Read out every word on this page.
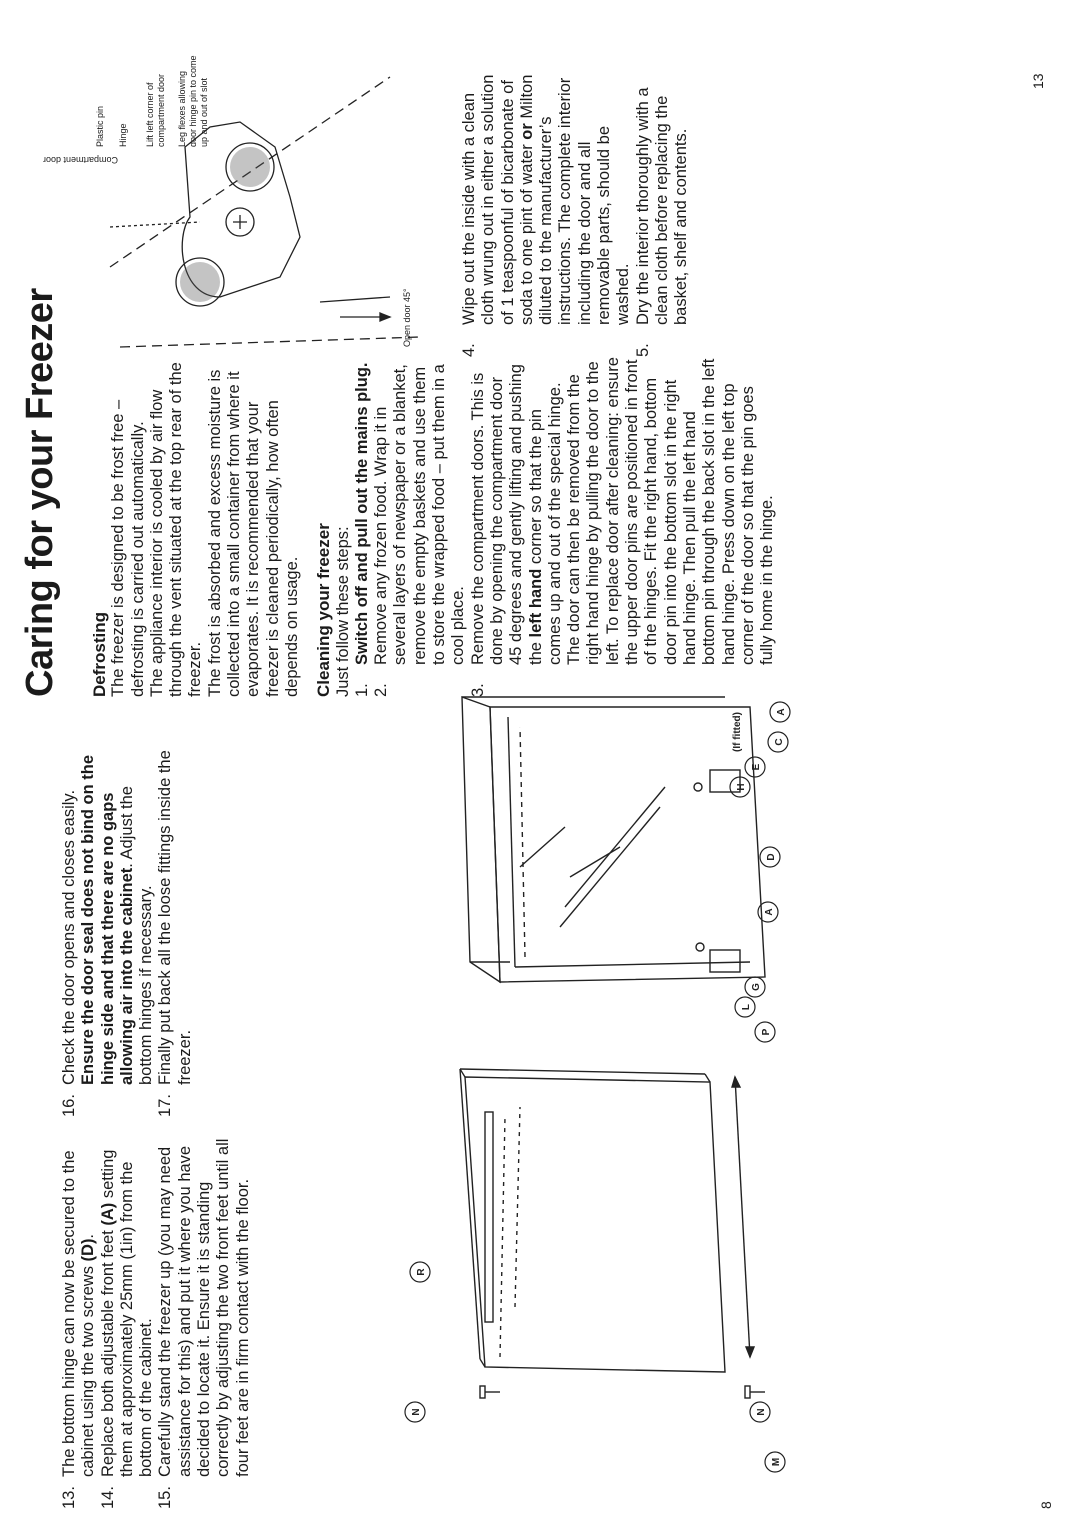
8
13
13.
The bottom hinge can now be secured to the cabinet using the two screws (D).
14.
Replace both adjustable front feet (A) setting them at approximately 25mm (1in) from the bottom of the cabinet.
15.
Carefully stand the freezer up (you may need assistance for this) and put it where you have decided to locate it. Ensure it is standing correctly by adjusting the two front feet until all four feet are in firm contact with the floor.
16.
Check the door opens and closes easily. Ensure the door seal does not bind on the hinge side and that there are no gaps allowing air into the cabinet. Adjust the bottom hinges if necessary.
17.
Finally put back all the loose fittings inside the freezer.
M
N
N
R
P
L
G
A
A
D
E
C
H
(If fitted)

Caring for your Freezer Defrosting The freezer is designed to be frost free – defrosting is carried out automatically. The appliance interior is cooled by air flow through the vent situated at the top rear of the freezer. The frost is absorbed and excess moisture is collected into a small container from where it evaporates. It is recommended that your freezer is cleaned periodically, how often depends on usage. Cleaning your freezer Just follow these steps: 1.
Switch off and pull out the mains plug.
2.
Remove any frozen food. Wrap it in several layers of newspaper or a blanket, remove the empty baskets and use them to store the wrapped food – put them in a cool place.
3.
Remove the compartment doors. This is done by opening the compartment door 45 degrees and gently lifting and pushing the left hand corner so that the pin comes up and out of the special hinge. The door can then be removed from the right hand hinge by pulling the door to the left. To replace door after cleaning: ensure the upper door pins are positioned in front of the hinges. Fit the right hand, bottom door pin into the bottom slot in the right hand hinge. Then pull the left hand bottom pin through the back slot in the left hand hinge. Press down on the left top corner of the door so that the pin goes fully home in the hinge.
4.
Wipe out the inside with a clean cloth wrung out in either a solution of 1 teaspoonful of bicarbonate of soda to one pint of water or Milton diluted to the manufacturer’s instructions. The complete interior including the door and all removable parts, should be washed.
5.
Dry the interior thoroughly with a clean cloth before replacing the basket, shelf and contents.
Open door 45°
Compartment door
Plastic pin Hinge Lift left corner of compartment door Leg flexes allowing door hinge pin to come up and out of slot
